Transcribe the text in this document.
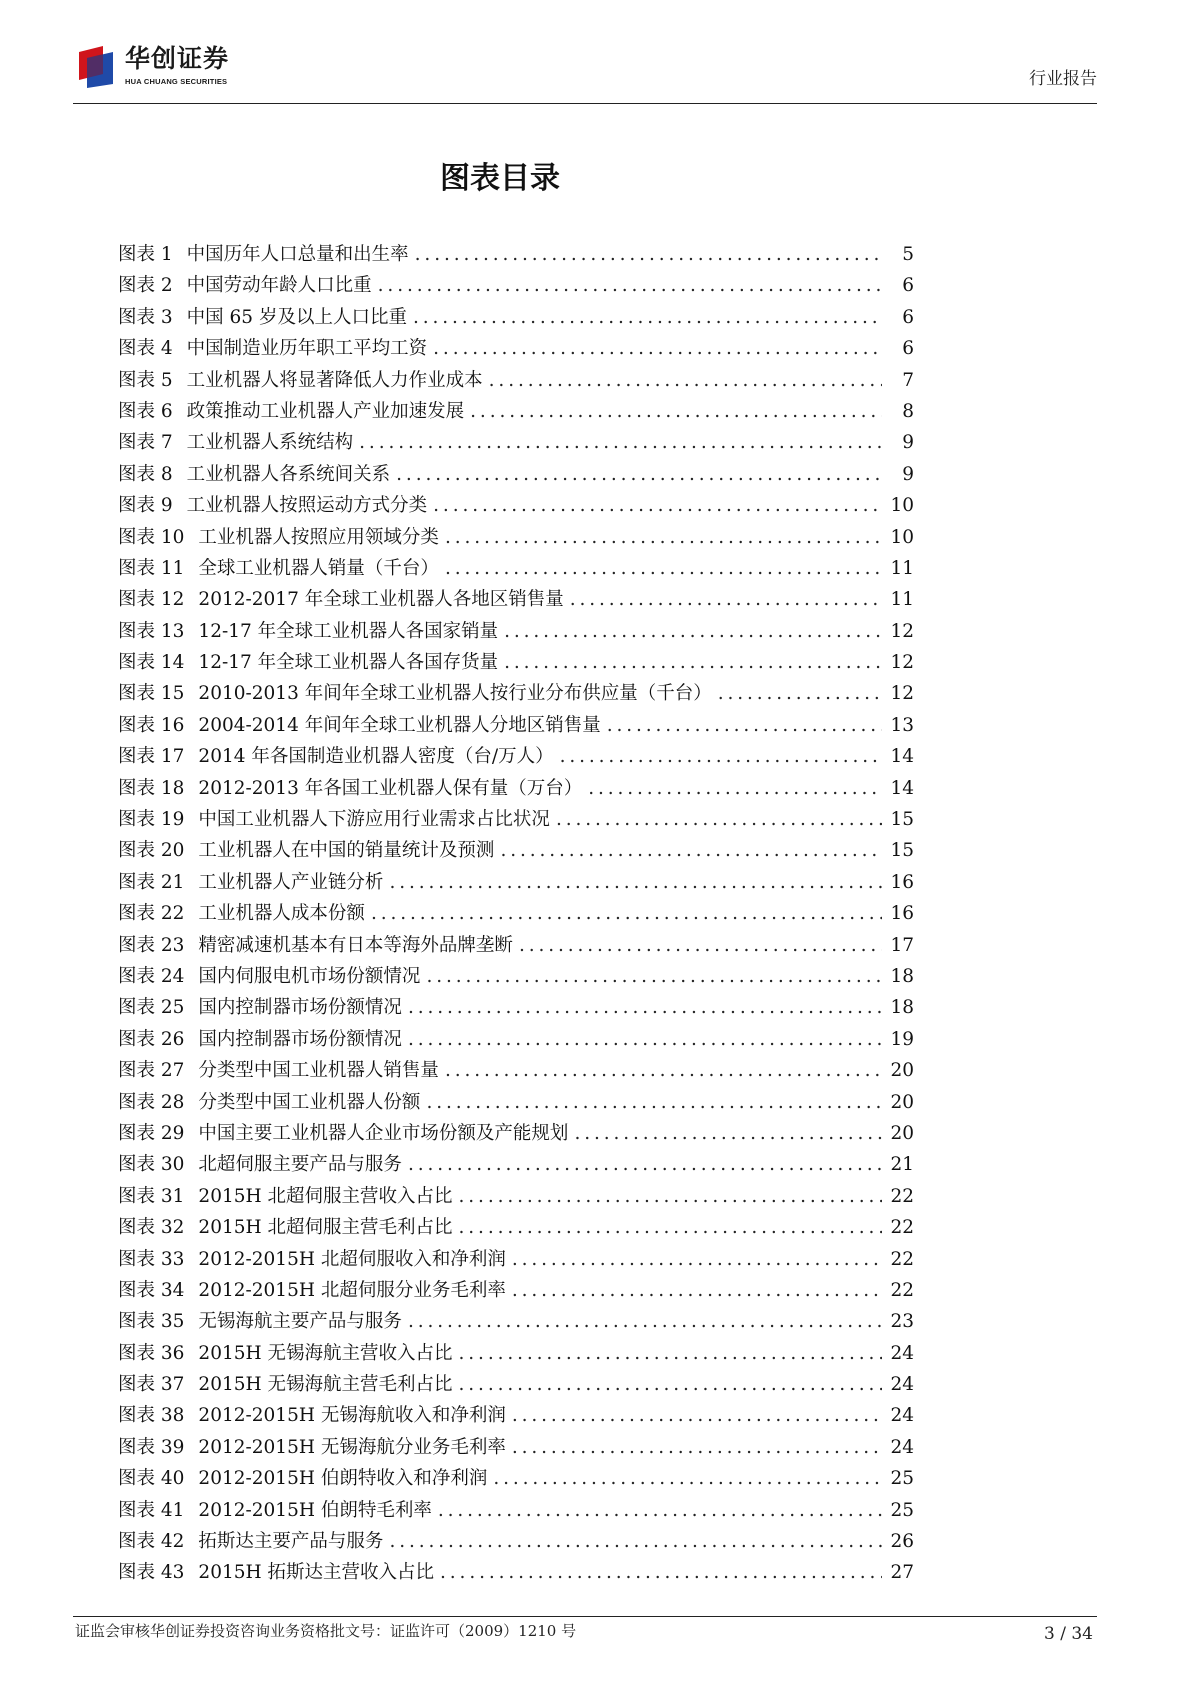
华创证券
HUA CHUANG SECURITIES	行业报告
图表目录
图表 1 中国历年人口总量和出生率 . . .	5
图表 2 中国劳动年龄人口比重 . . .	6
图表 3 中国 65 岁及以上人口比重 . . .	6
图表 4 中国制造业历年职工平均工资 . . .	6
图表 5 工业机器人将显著降低人力作业成本 . . .	7
图表 6 政策推动工业机器人产业加速发展 . . .	8
图表 7 工业机器人系统结构 . . .	9
图表 8 工业机器人各系统间关系 . . .	9
图表 9 工业机器人按照运动方式分类 . . .	10
图表 10 工业机器人按照应用领域分类 . . .	10
图表 11 全球工业机器人销量（千台） . . .	11
图表 12 2012-2017 年全球工业机器人各地区销售量 . . .	11
图表 13 12-17 年全球工业机器人各国家销量 . . .	12
图表 14 12-17 年全球工业机器人各国存货量 . . .	12
图表 15 2010-2013 年间年全球工业机器人按行业分布供应量（千台） . . .	12
图表 16 2004-2014 年间年全球工业机器人分地区销售量 . . .	13
图表 17 2014 年各国制造业机器人密度（台/万人） . . .	14
图表 18 2012-2013 年各国工业机器人保有量（万台） . . .	14
图表 19 中国工业机器人下游应用行业需求占比状况 . . .	15
图表 20 工业机器人在中国的销量统计及预测 . . .	15
图表 21 工业机器人产业链分析 . . .	16
图表 22 工业机器人成本份额 . . .	16
图表 23 精密减速机基本有日本等海外品牌垄断 . . .	17
图表 24 国内伺服电机市场份额情况 . . .	18
图表 25 国内控制器市场份额情况 . . .	18
图表 26 国内控制器市场份额情况 . . .	19
图表 27 分类型中国工业机器人销售量 . . .	20
图表 28 分类型中国工业机器人份额 . . .	20
图表 29 中国主要工业机器人企业市场份额及产能规划 . . .	20
图表 30 北超伺服主要产品与服务 . . .	21
图表 31 2015H 北超伺服主营收入占比 . . .	22
图表 32 2015H 北超伺服主营毛利占比 . . .	22
图表 33 2012-2015H 北超伺服收入和净利润 . . .	22
图表 34 2012-2015H 北超伺服分业务毛利率 . . .	22
图表 35 无锡海航主要产品与服务 . . .	23
图表 36 2015H 无锡海航主营收入占比 . . .	24
图表 37 2015H 无锡海航主营毛利占比 . . .	24
图表 38 2012-2015H 无锡海航收入和净利润 . . .	24
图表 39 2012-2015H 无锡海航分业务毛利率 . . .	24
图表 40 2012-2015H 伯朗特收入和净利润 . . .	25
图表 41 2012-2015H 伯朗特毛利率 . . .	25
图表 42 拓斯达主要产品与服务 . . .	26
图表 43 2015H 拓斯达主营收入占比 . . .	27
证监会审核华创证券投资咨询业务资格批文号：证监许可（2009）1210 号	3 / 34
